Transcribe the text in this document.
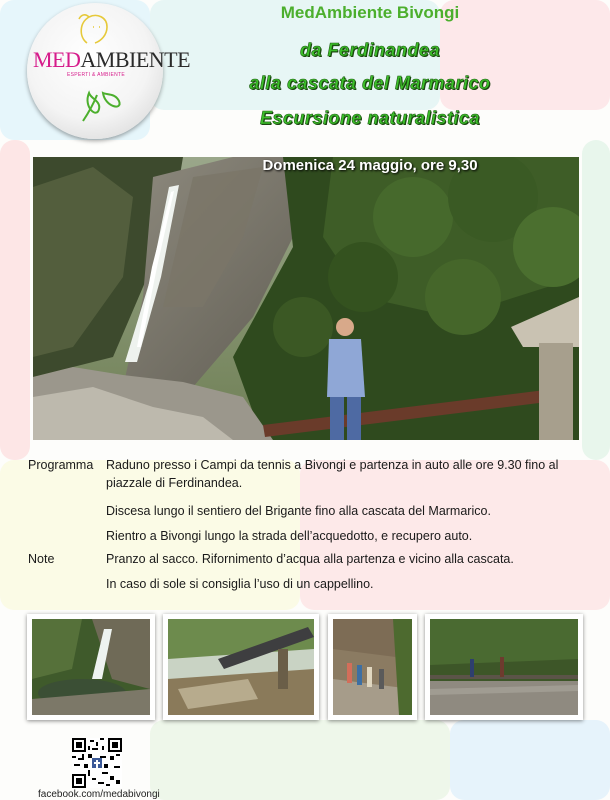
MEDAMBIENTE
ESPERTI & AMBIENTE
MedAmbiente Bivongi
da Ferdinandea
alla cascata del Marmarico
Escursione naturalistica
Domenica 24 maggio, ore 9,30
Programma Raduno presso i Campi da tennis a Bivongi e partenza in auto alle ore 9.30 fino al piazzale di Ferdinandea.
Discesa lungo il sentiero del Brigante fino alla cascata del Marmarico.
Rientro a Bivongi lungo la strada dell’acquedotto, e recupero auto.
Note	Pranzo al sacco. Rifornimento d’acqua alla partenza e vicino alla cascata.
In caso di sole si consiglia l’uso di un cappellino.
facebook.com/medabivongi
